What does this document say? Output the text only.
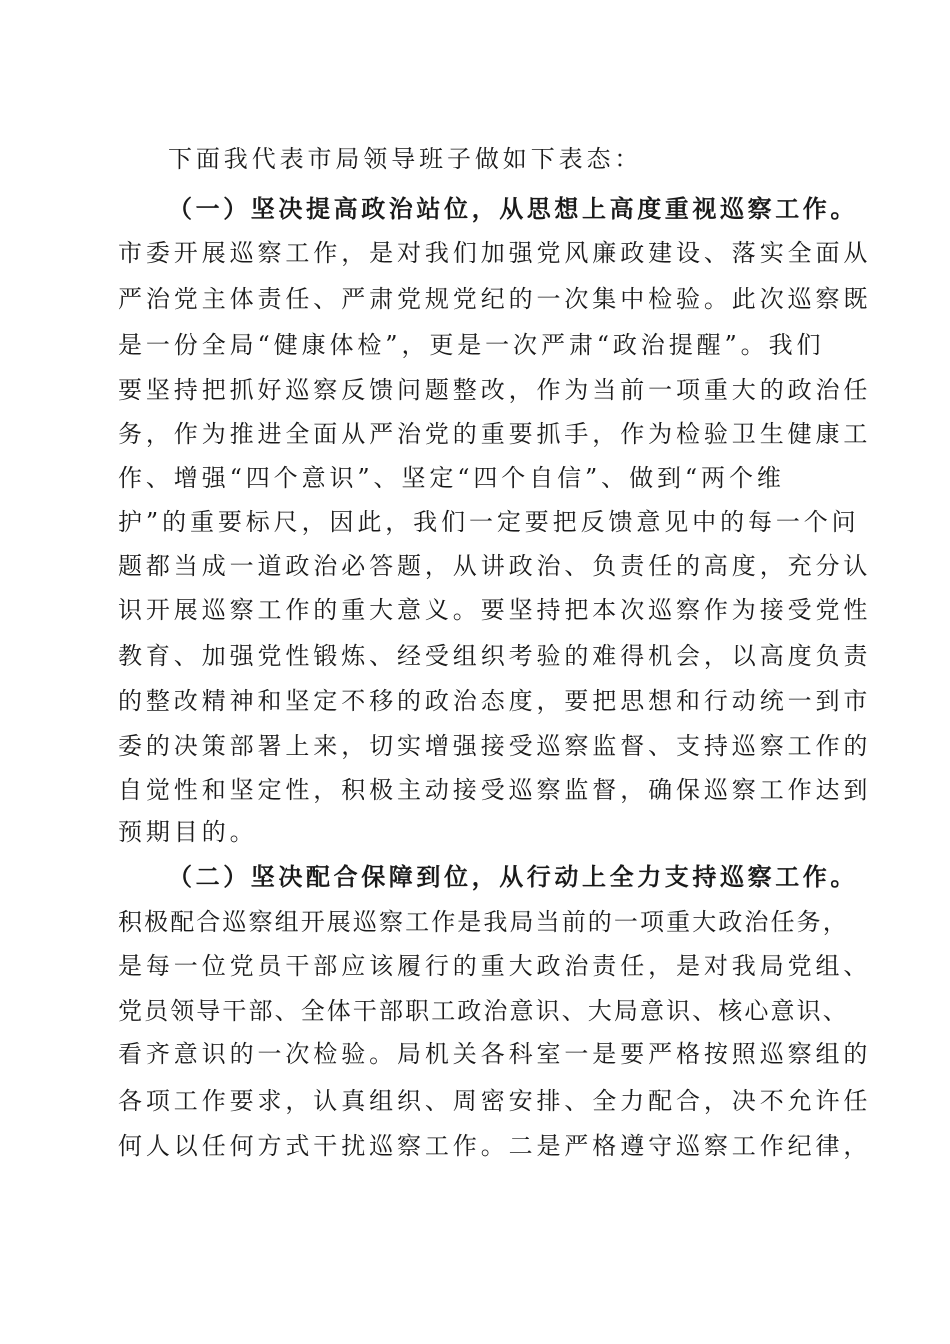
下面我代表市局领导班子做如下表态：

（一）坚决提高政治站位，从思想上高度重视巡察工作。

市委开展巡察工作，是对我们加强党风廉政建设、落实全面从

严治党主体责任、严肃党规党纪的一次集中检验。此次巡察既

是一份全局“健康体检”，更是一次严肃“政治提醒”。我们

要坚持把抓好巡察反馈问题整改，作为当前一项重大的政治任

务，作为推进全面从严治党的重要抓手，作为检验卫生健康工

作、增强“四个意识”、坚定“四个自信”、做到“两个维

护”的重要标尺，因此，我们一定要把反馈意见中的每一个问

题都当成一道政治必答题，从讲政治、负责任的高度，充分认

识开展巡察工作的重大意义。要坚持把本次巡察作为接受党性

教育、加强党性锻炼、经受组织考验的难得机会，以高度负责

的整改精神和坚定不移的政治态度，要把思想和行动统一到市

委的决策部署上来，切实增强接受巡察监督、支持巡察工作的

自觉性和坚定性，积极主动接受巡察监督，确保巡察工作达到

预期目的。

（二）坚决配合保障到位，从行动上全力支持巡察工作。

积极配合巡察组开展巡察工作是我局当前的一项重大政治任务，

是每一位党员干部应该履行的重大政治责任，是对我局党组、

党员领导干部、全体干部职工政治意识、大局意识、核心意识、

看齐意识的一次检验。局机关各科室一是要严格按照巡察组的

各项工作要求，认真组织、周密安排、全力配合，决不允许任

何人以任何方式干扰巡察工作。二是严格遵守巡察工作纪律，
